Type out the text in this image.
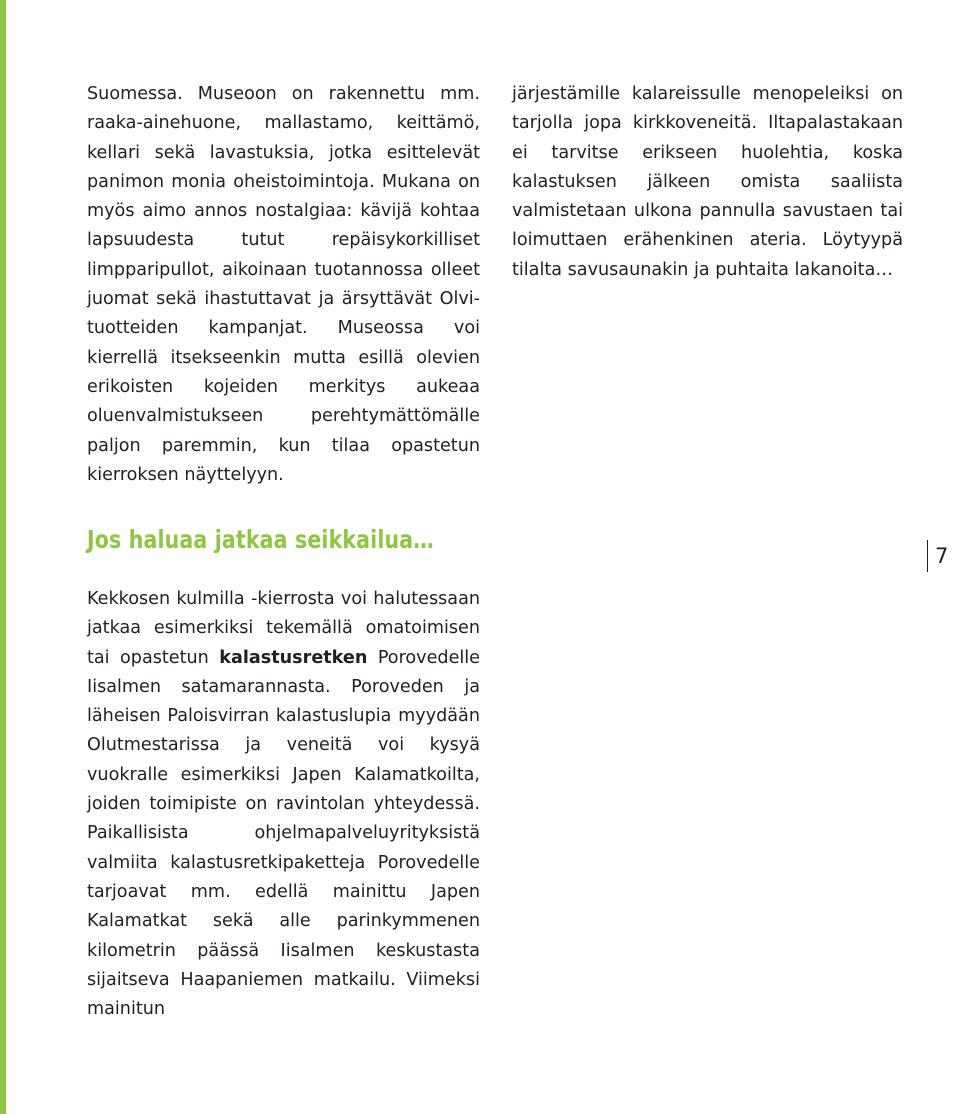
Suomessa. Museoon on rakennettu mm. raaka-ainehuone, mallastamo, keittämö, kellari sekä lavastuksia, jotka esittelevät panimon monia oheistoimintoja. Mukana on myös aimo annos nostalgiaa: kävijä kohtaa lapsuudesta tutut repäisykorkilliset limpparipullot, aikoinaan tuotannossa olleet juomat sekä ihastuttavat ja ärsyttävät Olvi-tuotteiden kampanjat. Museossa voi kierrellä itsekseenkin mutta esillä olevien erikoisten kojeiden merkitys aukeaa oluenvalmistukseen perehtymättömälle paljon paremmin, kun tilaa opastetun kierroksen näyttelyyn.

järjestämille kalareissulle menopeleiksi on tarjolla jopa kirkkoveneitä. Iltapalastakaan ei tarvitse erikseen huolehtia, koska kalastuksen jälkeen omista saaliista valmistetaan ulkona pannulla savustaen tai loimuttaen erähenkinen ateria. Löytyypä tilalta savusaunakin ja puhtaita lakanoita…

Jos haluaa jatkaa seikkailua…
7

Kekkosen kulmilla -kierrosta voi halutessaan jatkaa esimerkiksi tekemällä omatoimisen tai opastetun kalastusretken Porovedelle Iisalmen satamarannasta. Poroveden ja läheisen Paloisvirran kalastuslupia myydään Olutmestarissa ja veneitä voi kysyä vuokralle esimerkiksi Japen Kalamatkoilta, joiden toimipiste on ravintolan yhteydessä. Paikallisista ohjelmapalveluyrityksistä valmiita kalastusretkipaketteja Porovedelle tarjoavat mm. edellä mainittu Japen Kalamatkat sekä alle parinkymmenen kilometrin päässä Iisalmen keskustasta sijaitseva Haapaniemen matkailu. Viimeksi mainitun
